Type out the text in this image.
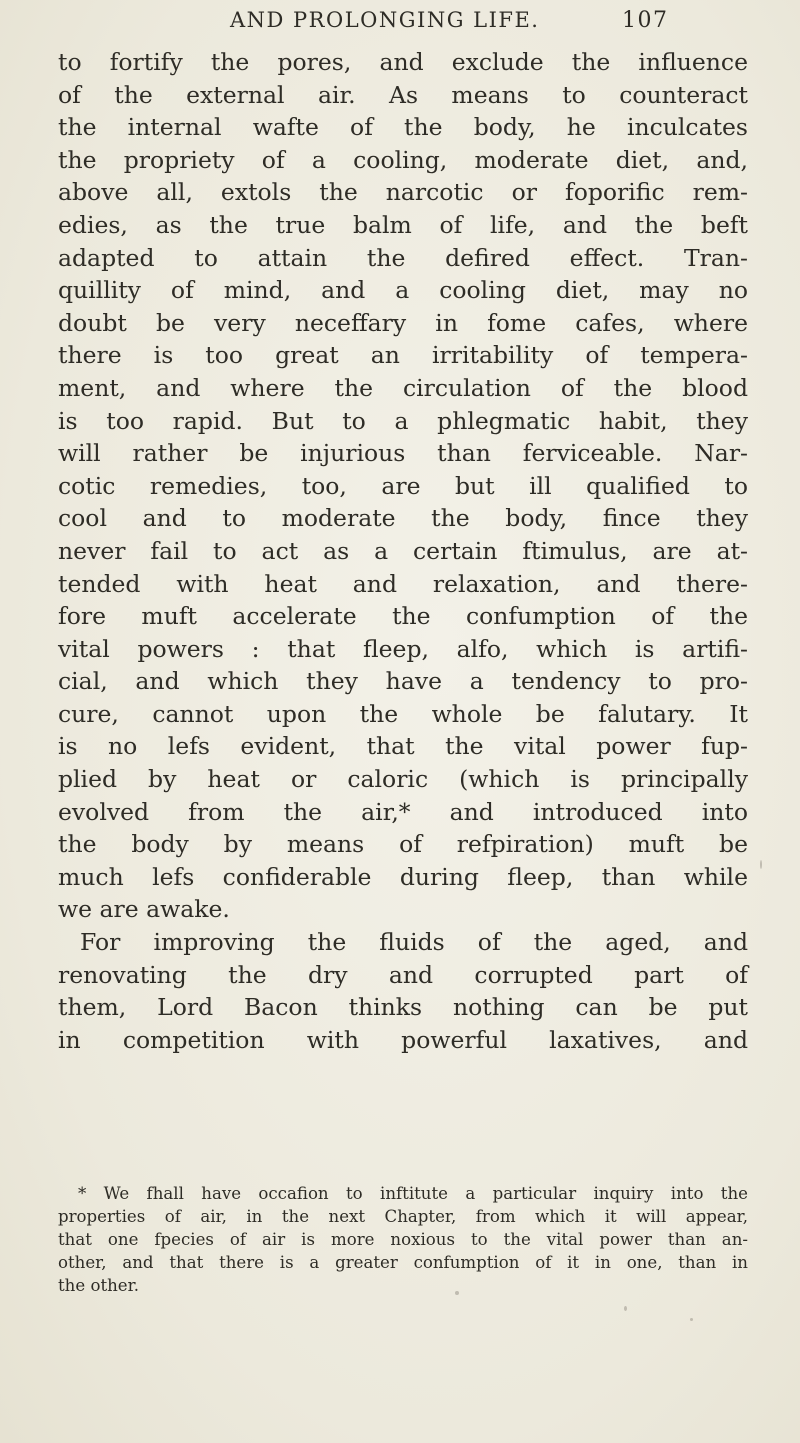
AND PROLONGING LIFE.	107
to fortify the pores, and exclude the influence
of the external air. As means to counteract
the internal wafte of the body, he inculcates
the propriety of a cooling, moderate diet, and,
above all, extols the narcotic or foporific rem-
edies, as the true balm of life, and the beft
adapted to attain the defired effect. Tran-
quillity of mind, and a cooling diet, may no
doubt be very neceffary in fome cafes, where
there is too great an irritability of tempera-
ment, and where the circulation of the blood
is too rapid. But to a phlegmatic habit, they
will rather be injurious than ferviceable. Nar-
cotic remedies, too, are but ill qualified to
cool and to moderate the body, fince they
never fail to act as a certain ftimulus, are at-
tended with heat and relaxation, and there-
fore muft accelerate the confumption of the
vital powers : that fleep, alfo, which is artifi-
cial, and which they have a tendency to pro-
cure, cannot upon the whole be falutary. It
is no lefs evident, that the vital power fup-
plied by heat or caloric (which is principally
evolved from the air,* and introduced into
the body by means of refpiration) muft be
much lefs confiderable during fleep, than while
we are awake.
For improving the fluids of the aged, and
renovating the dry and corrupted part of
them, Lord Bacon thinks nothing can be put
in competition with powerful laxatives, and
* We fhall have occafion to inftitute a particular inquiry into the
properties of air, in the next Chapter, from which it will appear,
that one fpecies of air is more noxious to the vital power than an-
other, and that there is a greater confumption of it in one, than in
the other.
